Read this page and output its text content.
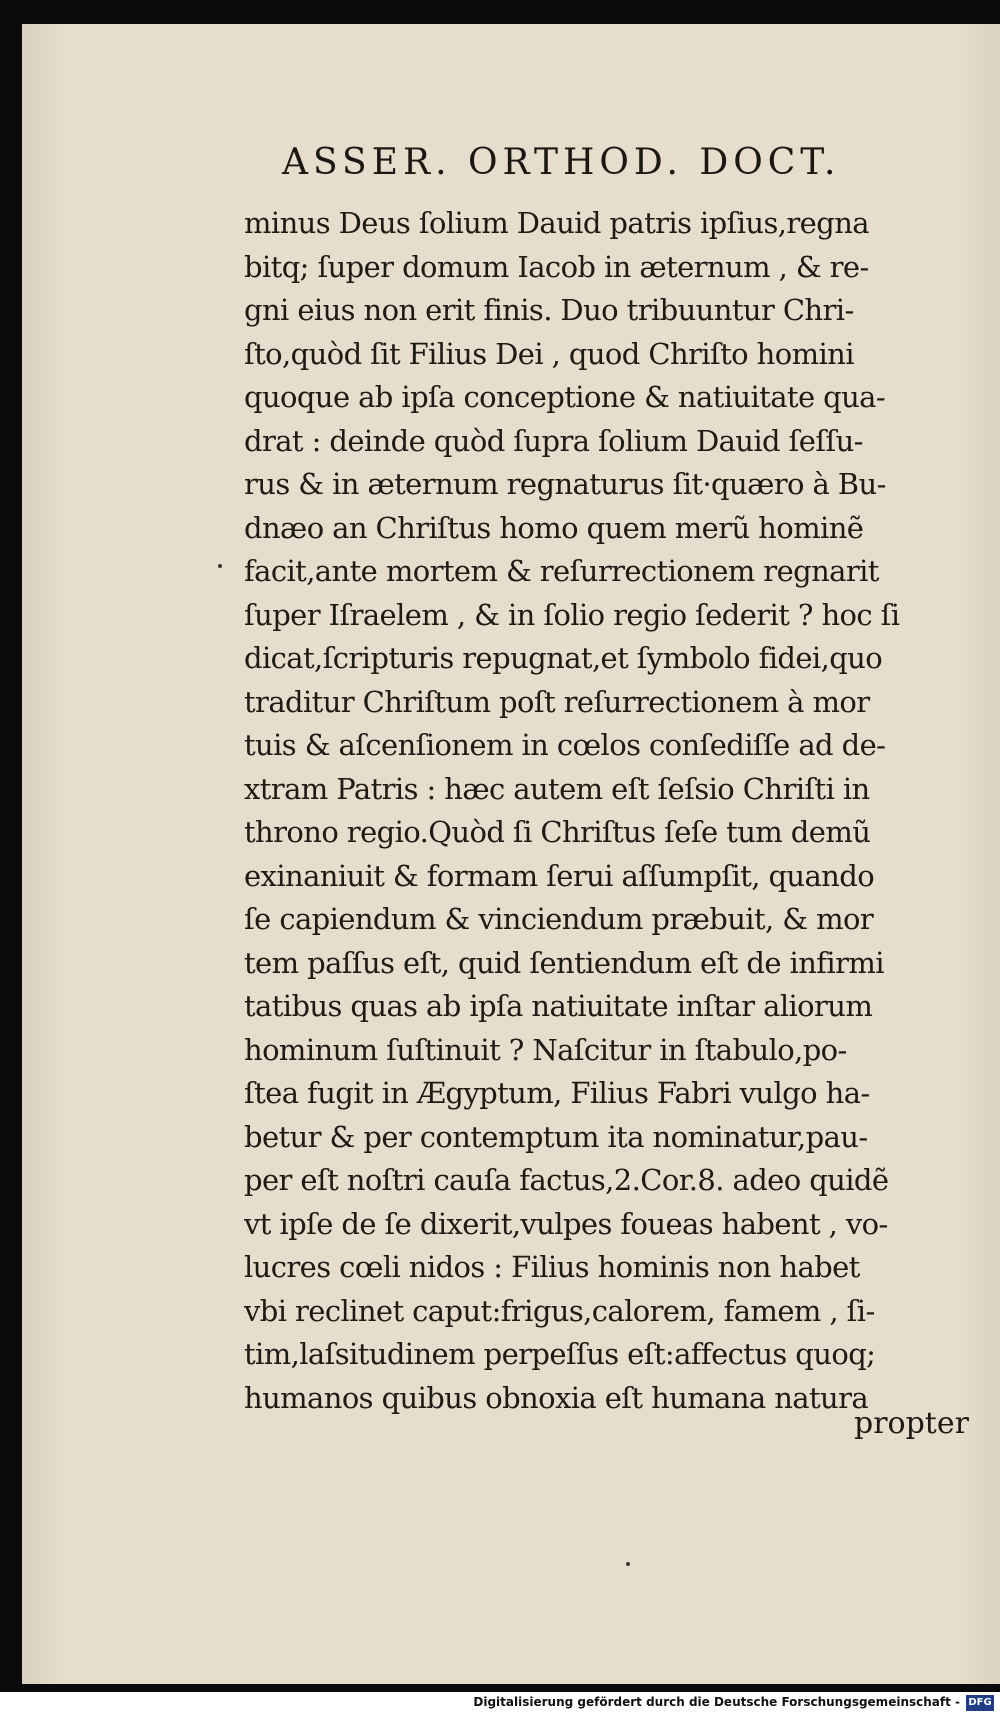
ASSER. ORTHOD. DOCT.
minus Deus ſolium Dauid patris ipſius,regna
bitq; ſuper domum Iacob in æternum , & re-
gni eius non erit finis. Duo tribuuntur Chri-
ſto,quòd ſit Filius Dei , quod Chriſto homini
quoque ab ipſa conceptione & natiuitate qua-
drat : deinde quòd ſupra ſolium Dauid ſeſſu-
rus & in æternum regnaturus ſit·quæro à Bu-
dnæo an Chriſtus homo quem merũ hominẽ
facit,ante mortem & reſurrectionem regnarit
ſuper Iſraelem , & in ſolio regio ſederit ? hoc ſi
dicat,ſcripturis repugnat,et ſymbolo fidei,quo
traditur Chriſtum poſt reſurrectionem à mor
tuis & aſcenſionem in cœlos conſediſſe ad de-
xtram Patris : hæc autem eſt ſeſsio Chriſti in
throno regio.Quòd ſi Chriſtus ſeſe tum demũ
exinaniuit & formam ſerui aſſumpſit, quando
ſe capiendum & vinciendum præbuit, & mor
tem paſſus eſt, quid ſentiendum eſt de infirmi
tatibus quas ab ipſa natiuitate inſtar aliorum
hominum ſuſtinuit ? Naſcitur in ſtabulo,po-
ſtea fugit in Ægyptum, Filius Fabri vulgo ha-
betur & per contemptum ita nominatur,pau-
per eſt noſtri cauſa factus,2.Cor.8. adeo quidẽ
vt ipſe de ſe dixerit,vulpes foueas habent , vo-
lucres cœli nidos : Filius hominis non habet
vbi reclinet caput:frigus,calorem, famem , ſi-
tim,laſsitudinem perpeſſus eſt:affectus quoq;
humanos quibus obnoxia eſt humana natura
propter
Digitalisierung gefördert durch die Deutsche Forschungsgemeinschaft - DFG
